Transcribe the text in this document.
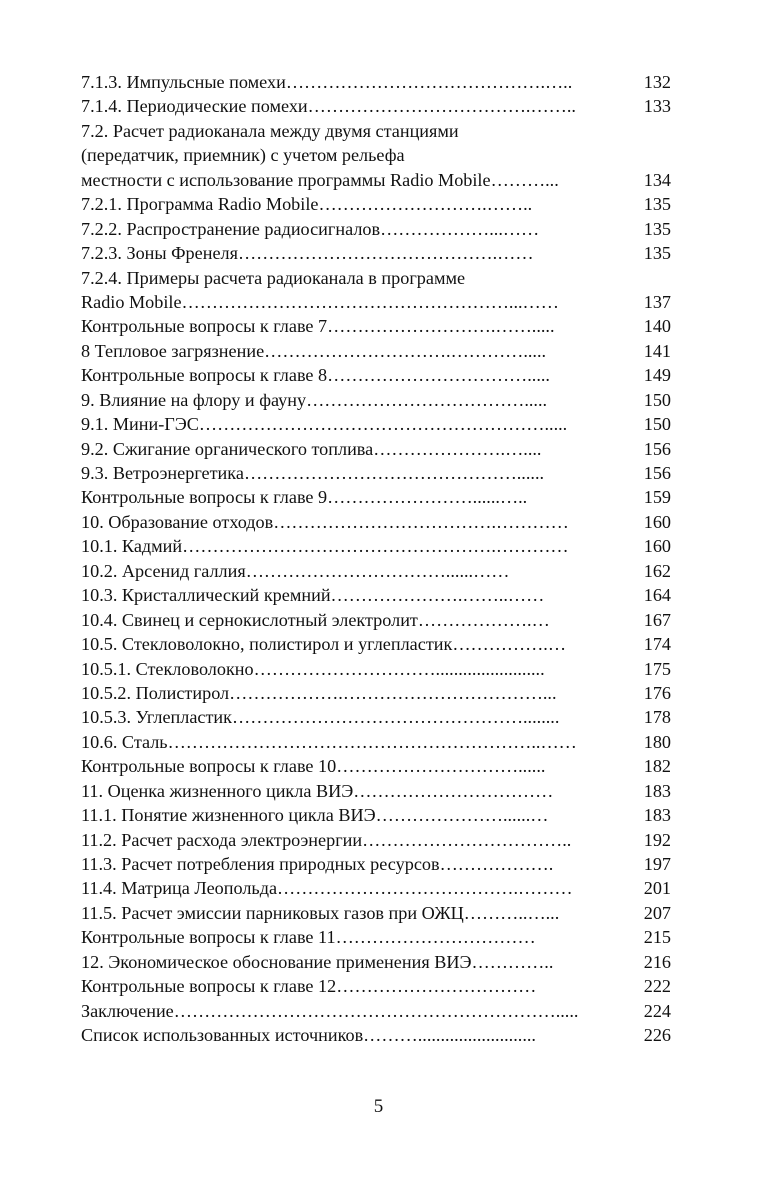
7.1.3. Импульсные помехи …………………………………….…..	132
7.1.4. Периодические помехи ……………………………….……..	133
7.2. Расчет радиоканала между двумя станциями
(передатчик, приемник) с учетом рельефа
местности с использование программы Radio Mobile ………...	134
7.2.1. Программа Radio Mobile ……………………….……..	135
7.2.2. Распространение радиосигналов ………………...……	135
7.2.3. Зоны Френеля …………………………………….……	135
7.2.4. Примеры расчета радиоканала в программе
Radio Mobile ………………………………………………...……	137
Контрольные вопросы к главе 7 ……………………….…….....	140
8 Тепловое загрязнение ………………………….………….....	141
Контрольные вопросы к главе 8 …………………………….....	149
9. Влияние на флору и фауну ……………………………….....	150
9.1. Мини-ГЭС ………………………………………………….....	150
9.2. Сжигание органического топлива ………………….…....	156
9.3. Ветроэнергетика ………………………………………......	156
Контрольные вопросы к главе 9 ……………………......…..	159
10. Образование отходов ……………………………….…………	160
10.1. Кадмий …………………………………………….…………	160
10.2. Арсенид галлия ……………………………......……	162
10.3. Кристаллический кремний ………………….……..……	164
10.4. Свинец и сернокислотный электролит ……………….…	167
10.5. Стекловолокно, полистирол и углепластик …………….…	174
10.5.1. Стекловолокно …………………………........................	175
10.5.2. Полистирол ……………….……………………………...	176
10.5.3. Углепластик …………………………………………........	178
10.6. Сталь ……………………………………………………..……	180
Контрольные вопросы к главе 10 …………………………......	182
11. Оценка жизненного цикла ВИЭ ……………………………	183
11.1. Понятие жизненного цикла ВИЭ …………………......…	183
11.2. Расчет расхода электроэнергии ……………………………..	192
11.3. Расчет потребления природных ресурсов ……………….	197
11.4. Матрица Леопольда ………………………………….………	201
11.5. Расчет эмиссии парниковых газов при ОЖЦ ………..…...	207
Контрольные вопросы к главе 11 ……………………………	215
12. Экономическое обоснование применения ВИЭ …………..	216
Контрольные вопросы к главе 12 ……………………………	222
Заключение ……………………………………………………….....	224
Список использованных источников ………..........................	226
5
